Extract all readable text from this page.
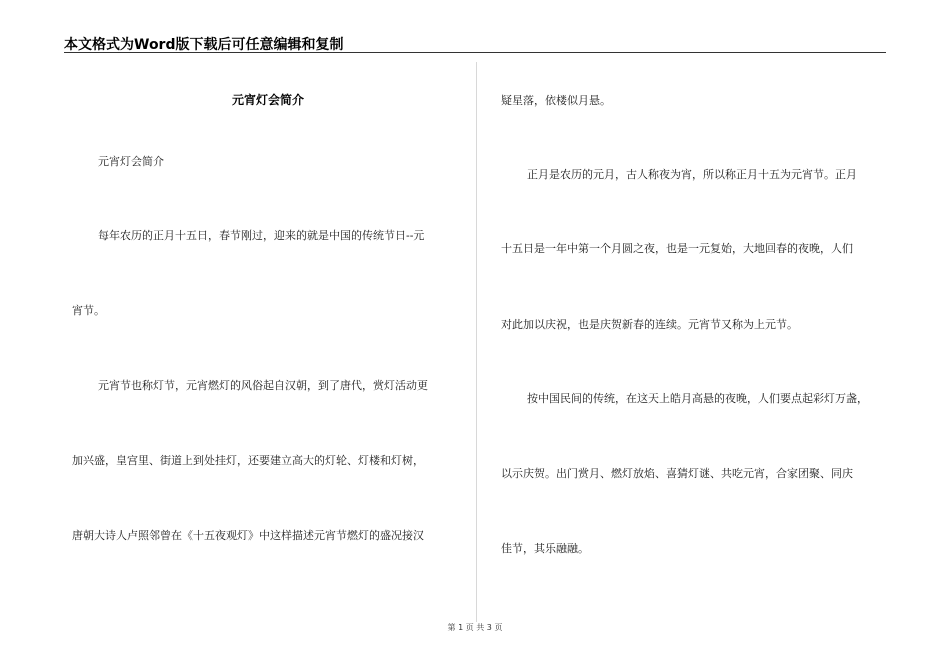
本文格式为Word版下载后可任意编辑和复制
元宵灯会简介
元宵灯会简介
每年农历的正月十五日，春节刚过，迎来的就是中国的传统节日--元
宵节。
元宵节也称灯节，元宵燃灯的风俗起自汉朝，到了唐代，赏灯活动更
加兴盛，皇宫里、街道上到处挂灯，还要建立高大的灯轮、灯楼和灯树，
唐朝大诗人卢照邻曾在《十五夜观灯》中这样描述元宵节燃灯的盛况接汉
疑星落，依楼似月悬。
正月是农历的元月，古人称夜为宵，所以称正月十五为元宵节。正月
十五日是一年中第一个月圆之夜，也是一元复始，大地回春的夜晚，人们
对此加以庆祝，也是庆贺新春的连续。元宵节又称为上元节。
按中国民间的传统，在这天上皓月高悬的夜晚，人们要点起彩灯万盏，
以示庆贺。出门赏月、燃灯放焰、喜猜灯谜、共吃元宵，合家团聚、同庆
佳节，其乐融融。
第 1 页 共 3 页
